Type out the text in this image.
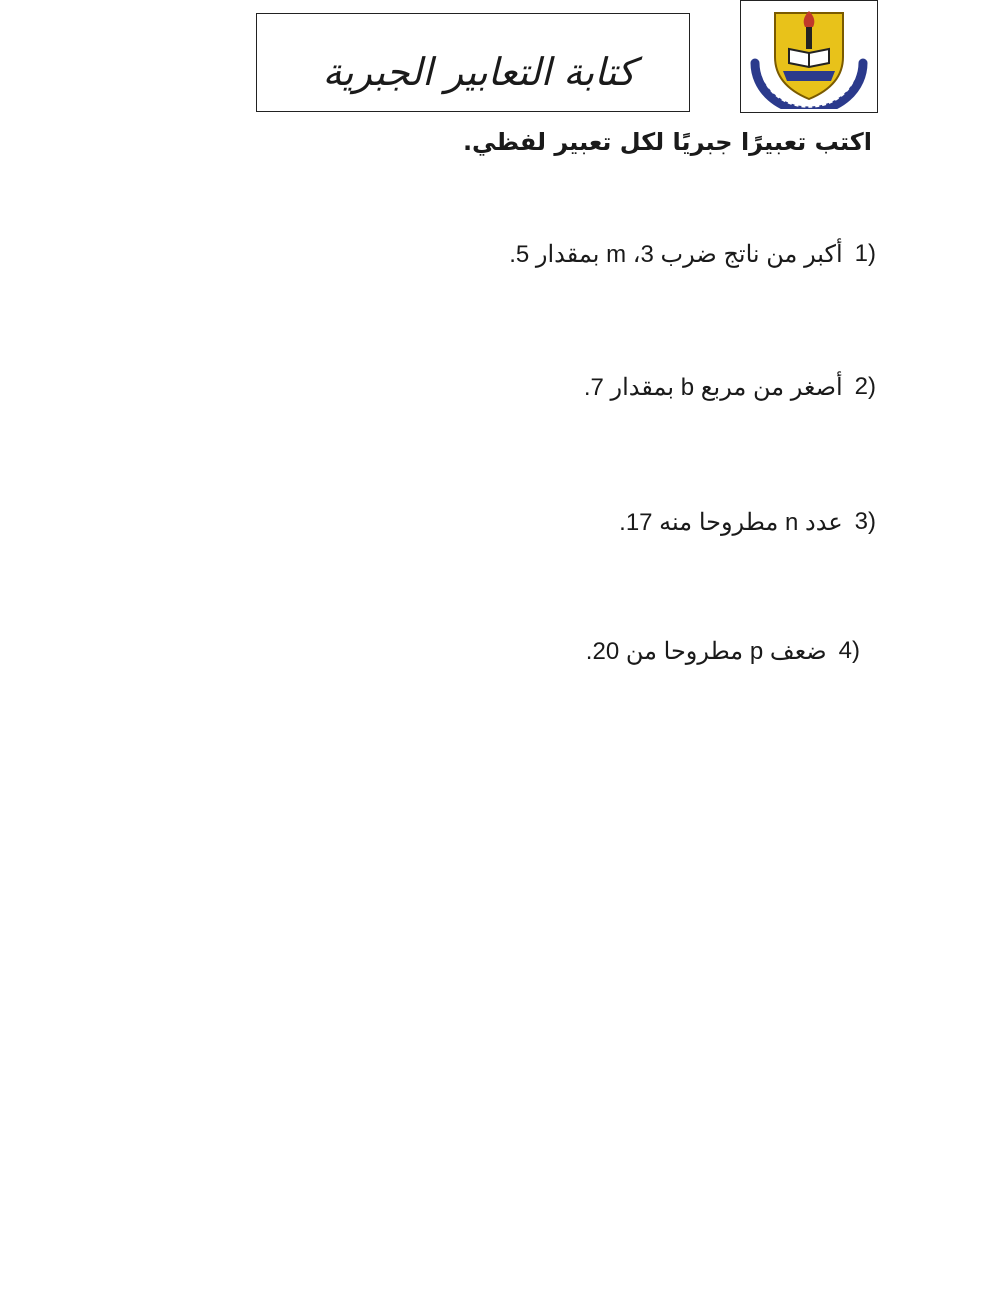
كتابة التعابير الجبرية
اكتب تعبيرًا جبريًا لكل تعبير لفظي.
1)
أكبر من ناتج ضرب 3، m بمقدار 5.
2)
أصغر من مربع b بمقدار 7.
3)
عدد n مطروحا منه 17.
4)
ضعف p مطروحا من 20.
